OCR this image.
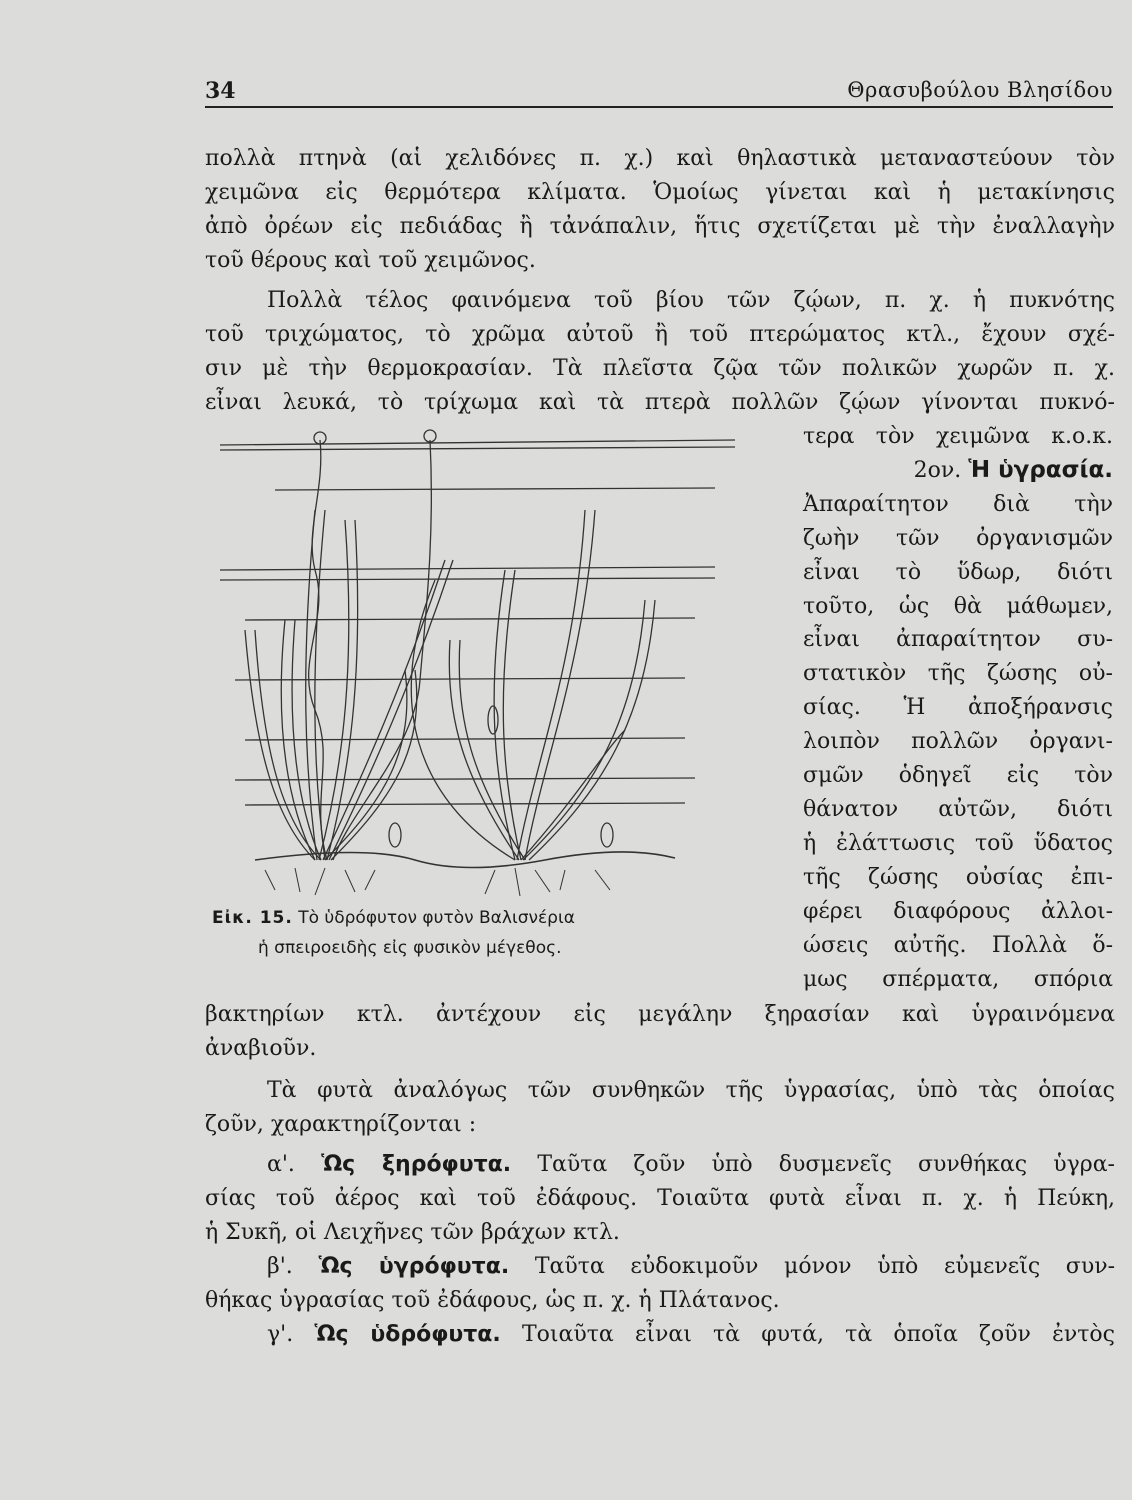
34	Θρασυβούλου Βλησίδου

πολλὰ πτηνὰ (αἱ χελιδόνες π. χ.) καὶ θηλαστικὰ μεταναστεύουν τὸν

χειμῶνα εἰς θερμότερα κλίματα. Ὁμοίως γίνεται καὶ ἡ μετακίνησις

ἀπὸ ὀρέων εἰς πεδιάδας ἢ τἀνάπαλιν, ἥτις σχετίζεται μὲ τὴν ἐναλλαγὴν

τοῦ θέρους καὶ τοῦ χειμῶνος.

Πολλὰ τέλος φαινόμενα τοῦ βίου τῶν ζῴων, π. χ. ἡ πυκνότης

τοῦ τριχώματος, τὸ χρῶμα αὐτοῦ ἢ τοῦ πτερώματος κτλ., ἔχουν σχέ-

σιν μὲ τὴν θερμοκρασίαν. Τὰ πλεῖστα ζῷα τῶν πολικῶν χωρῶν π. χ.

εἶναι λευκά, τὸ τρίχωμα καὶ τὰ πτερὰ πολλῶν ζῴων γίνονται πυκνό-

τερα τὸν χειμῶνα κ.ο.κ.

2ον. Ἡ ὑγρασία.

Ἀπαραίτητον διὰ τὴν

ζωὴν τῶν ὀργανισμῶν

εἶναι τὸ ὕδωρ, διότι

τοῦτο, ὡς θὰ μάθωμεν,

εἶναι ἀπαραίτητον συ-

στατικὸν τῆς ζώσης οὐ-

σίας. Ἡ ἀποξήρανσις

λοιπὸν πολλῶν ὀργανι-

σμῶν ὁδηγεῖ εἰς τὸν

θάνατον αὐτῶν, διότι

ἡ ἐλάττωσις τοῦ ὕδατος

τῆς ζώσης οὐσίας ἐπι-

φέρει διαφόρους ἀλλοι-

ώσεις αὐτῆς. Πολλὰ ὅ-

μως σπέρματα, σπόρια

Εἰκ. 15. Τὸ ὑδρόφυτον φυτὸν Βαλισνέρια
ἡ σπειροειδὴς εἰς φυσικὸν μέγεθος.

βακτηρίων κτλ. ἀντέχουν εἰς μεγάλην ξηρασίαν καὶ ὑγραινόμενα

ἀναβιοῦν.

Τὰ φυτὰ ἀναλόγως τῶν συνθηκῶν τῆς ὑγρασίας, ὑπὸ τὰς ὁποίας

ζοῦν, χαρακτηρίζονται :

α'. Ὡς ξηρόφυτα. Ταῦτα ζοῦν ὑπὸ δυσμενεῖς συνθήκας ὑγρα-

σίας τοῦ ἀέρος καὶ τοῦ ἐδάφους. Τοιαῦτα φυτὰ εἶναι π. χ. ἡ Πεύκη,

ἡ Συκῆ, οἱ Λειχῆνες τῶν βράχων κτλ.

β'. Ὡς ὑγρόφυτα. Ταῦτα εὐδοκιμοῦν μόνον ὑπὸ εὐμενεῖς συν-

θήκας ὑγρασίας τοῦ ἐδάφους, ὡς π. χ. ἡ Πλάτανος.

γ'. Ὡς ὑδρόφυτα. Τοιαῦτα εἶναι τὰ φυτά, τὰ ὁποῖα ζοῦν ἐντὸς
